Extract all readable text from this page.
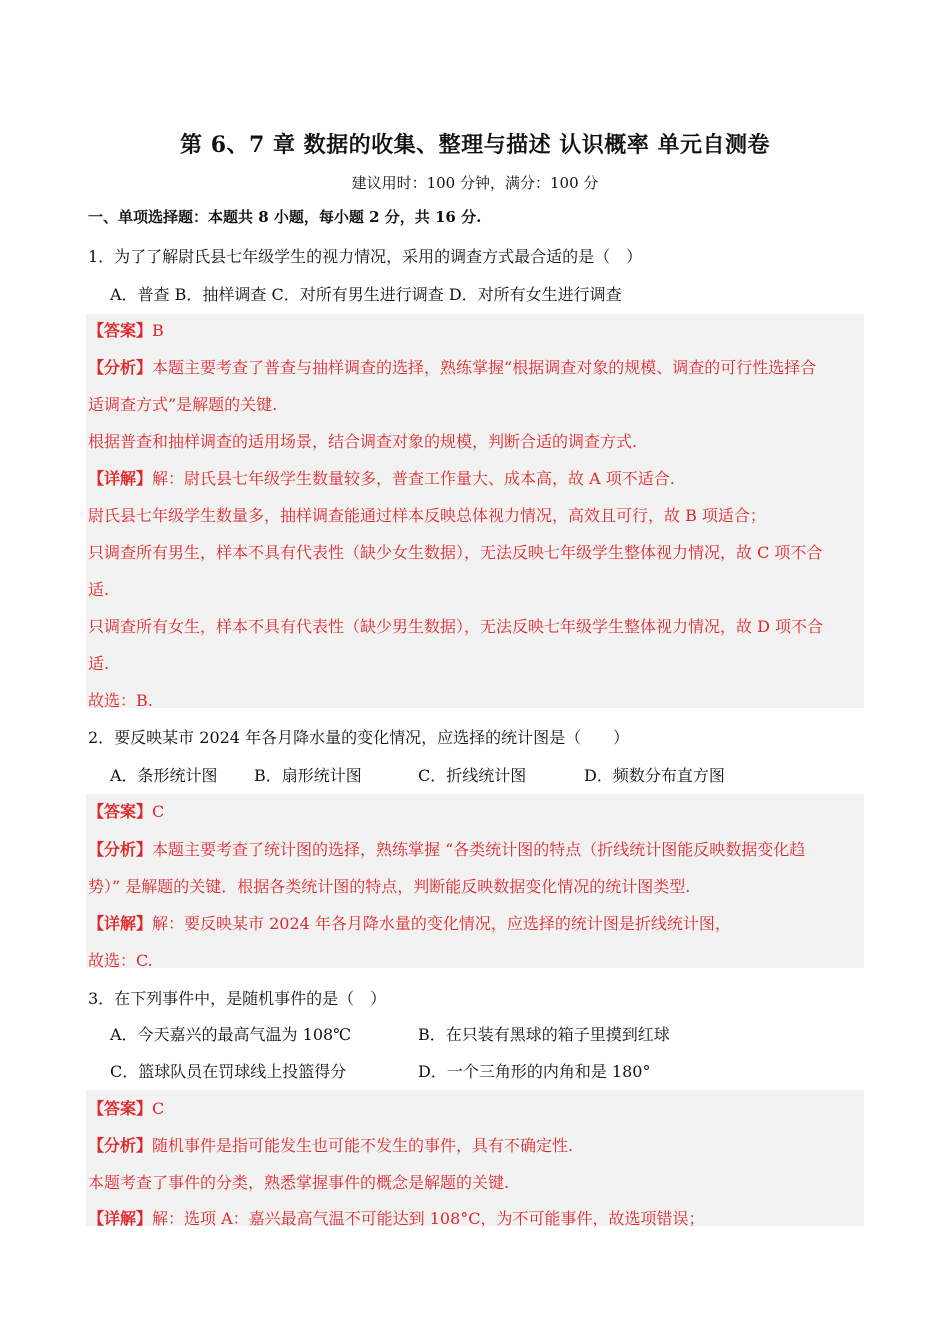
第 6、7 章 数据的收集、整理与描述 认识概率 单元自测卷
建议用时：100 分钟，满分：100 分
一、单项选择题：本题共 8 小题，每小题 2 分，共 16 分.
1．为了了解尉氏县七年级学生的视力情况，采用的调查方式最合适的是（　）
A．普查 B．抽样调查 C．对所有男生进行调查 D．对所有女生进行调查
【答案】B
【分析】本题主要考查了普查与抽样调查的选择，熟练掌握“根据调查对象的规模、调查的可行性选择合
适调查方式”是解题的关键.
根据普查和抽样调查的适用场景，结合调查对象的规模，判断合适的调查方式.
【详解】解：尉氏县七年级学生数量较多，普查工作量大、成本高，故 A 项不适合.
尉氏县七年级学生数量多，抽样调查能通过样本反映总体视力情况，高效且可行，故 B 项适合；
只调查所有男生，样本不具有代表性（缺少女生数据），无法反映七年级学生整体视力情况，故 C 项不合
适.
只调查所有女生，样本不具有代表性（缺少男生数据），无法反映七年级学生整体视力情况，故 D 项不合
适.
故选：B.
2．要反映某市 2024 年各月降水量的变化情况，应选择的统计图是（　　）
A．条形统计图 B．扇形统计图	C．折线统计图	D．频数分布直方图
【答案】C
【分析】本题主要考查了统计图的选择，熟练掌握 “各类统计图的特点（折线统计图能反映数据变化趋
势）” 是解题的关键．根据各类统计图的特点，判断能反映数据变化情况的统计图类型.
【详解】解：要反映某市 2024 年各月降水量的变化情况，应选择的统计图是折线统计图，
故选：C.
3．在下列事件中，是随机事件的是（　）
A．今天嘉兴的最高气温为 108℃	B．在只装有黑球的箱子里摸到红球
C．篮球队员在罚球线上投篮得分	D．一个三角形的内角和是 180°
【答案】C
【分析】随机事件是指可能发生也可能不发生的事件，具有不确定性.
本题考查了事件的分类，熟悉掌握事件的概念是解题的关键.
【详解】解：选项 A：嘉兴最高气温不可能达到 108°C，为不可能事件，故选项错误；
